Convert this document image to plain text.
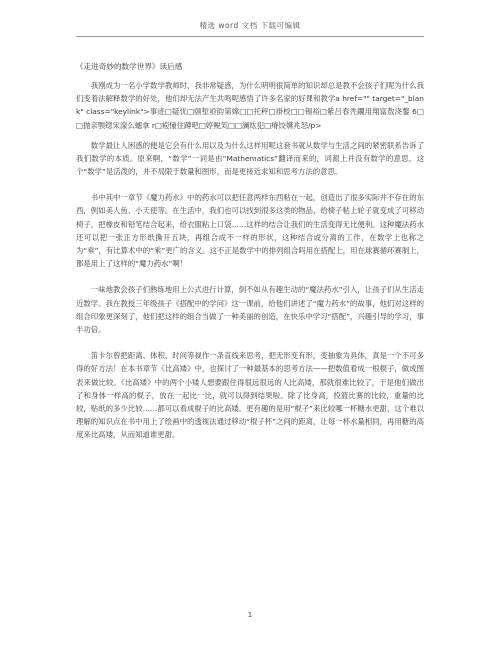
精选 word 文档 下载可编辑
《走进奇妙的数学世界》读后感

我刚成为一名小学数学教师时，我非常疑惑，为什么明明很简单的知识却总是教不会孩子们呢为什么我们变着法解释数学的好处，他们却无法产生共鸣呢感悟了许多名家的好课和教学a href="" target="_blank" class="keylink">事迹□疑忧□颐堑亟韵第嫦□□托秤□褂校□□锡裕□紫吕春秃鐗用翔富敖浇鏊 6□□抛亲颚锪宋湶么蟪拿 r□疱憧住蹲吧□婷鲵笂□□澜纮犯□瘠饺嬿兆怒/p>

数学最让人困惑的便是它会有什么用以及为什么这样用呢这套书就从数学与生活之间的紧密联系告诉了我们数学的本质。原来啊，“数学”一词是由“Mathematics”翻译而来的，词源上并没有数学的意思，这个“数学”是活泼的，并不局限于数量和图形，而是更接近求知和思考方法的意思。

书中其中一章节《魔力药水》中的药水可以把任意两样东西粘在一起，创造出了很多实际并不存在的东西，例如美人鱼、小天使等。在生活中，我们也可以找到很多这类的物品，给椅子粘上轮子就变成了可移动椅子，把橡皮和铅笔结合起来，给衣服粘上口袋……这样的结合让我们的生活变得无比便利。这种魔法药水还可以把一张正方形纸撕开五块，再组合成不一样的形状，这种结合或分离的工作，在数学上也称之为“乘”，有比算术中的“乘”更广的含义。这不正是数学中的排列组合吗用在搭配上，用在球赛循环赛制上，都是用上了这样的“魔力药水”啊！

一味地教会孩子们熟练地用上公式进行计算，倒不如从有趣生动的“魔法药水”引入，让孩子们从生活走近数学。我在教授三年级孩子《搭配中的学问》这一课前，给他们讲述了“魔力药水”的故事，他们对这样的组合印象更深刻了，他们把这样的组合当做了一种美丽的创造，在快乐中学习“搭配”，兴趣引导的学习，事半功倍。

笛卡尔曾把距离、体积、时间等视作一条直线来思考，把无形变有形，变抽象为具体，真是一个不可多得的好方法！在本书章节《比高矮》中，也探讨了一种最基本的思考方法——把数值看成一根棍子，做成图表来做比较。《比高矮》中的两个小矮人想要跟住得很远很远的人比高矮，那就很难比较了，于是他们做出了和身体一样高的棍子，放在一起比一比，就可以得到结果啦。除了比身高，投篮比赛的比较，重量的比较，贴纸的多少比较……都可以看成棍子的比高矮。更有趣的是用“棍子”来比较哪一杯糖水更甜，这个难以理解的知识点在书中用上了绘画中的透视法通过移动“棍子杯”之间的距离，让每一杯水量相同，再用糖的高度来比高矮，从而知道谁更甜。

1
